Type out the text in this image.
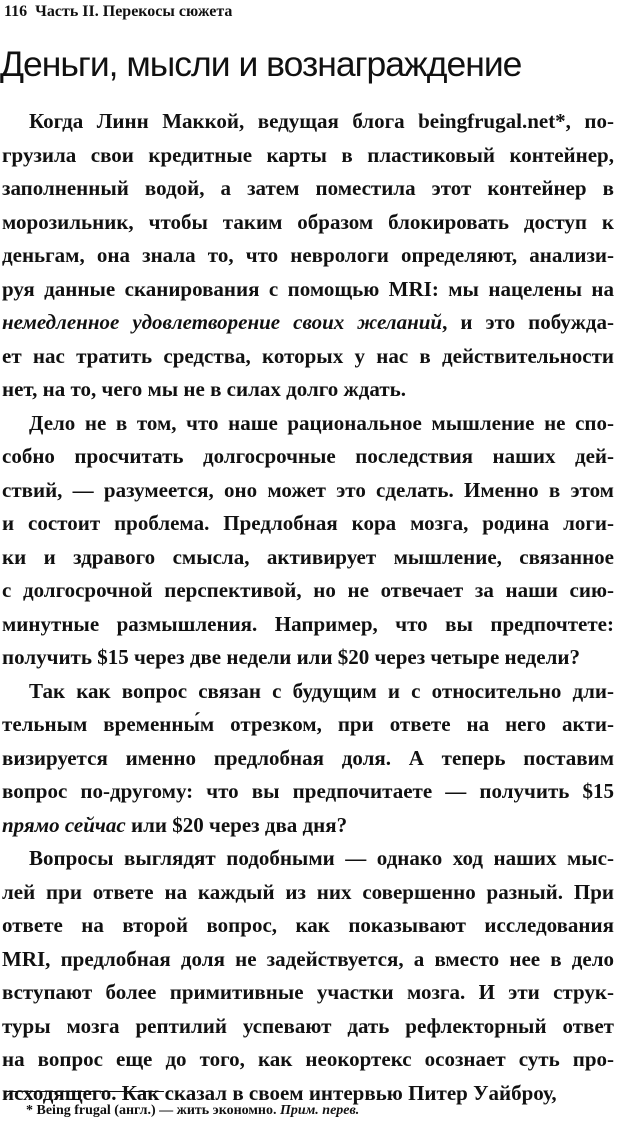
116 Часть II. Перекосы сюжета
Деньги, мысли и вознаграждение
Когда Линн Маккой, ведущая блога beingfrugal.net*, по-
грузила свои кредитные карты в пластиковый контейнер,
заполненный водой, а затем поместила этот контейнер в
морозильник, чтобы таким образом блокировать доступ к
деньгам, она знала то, что неврологи определяют, анализи-
руя данные сканирования с помощью MRI: мы нацелены на
немедленное удовлетворение своих желаний, и это побуждa-
ет нас тратить средства, которых у нас в действительности
нет, на то, чего мы не в силах долго ждать.
Дело не в том, что наше рациональное мышление не спо-
собно просчитать долгосрочные последствия наших дей-
ствий, — разумеется, оно может это сделать. Именно в этом
и состоит проблема. Предлобная кора мозга, родина логи-
ки и здравого смысла, активирует мышление, связанное
с долгосрочной перспективой, но не отвечает за наши сию-
минутные размышления. Например, что вы предпочтете:
получить $15 через две недели или $20 через четыре недели?
Так как вопрос связан с будущим и с относительно дли-
тельным временны́м отрезком, при ответе на него акти-
визируется именно предлобная доля. А теперь поставим
вопрос по-другому: что вы предпочитаете — получить $15
прямо сейчас или $20 через два дня?
Вопросы выглядят подобными — однако ход наших мыс-
лей при ответе на каждый из них совершенно разный. При
ответе на второй вопрос, как показывают исследования
MRI, предлобная доля не задействуется, а вместо нее в дело
вступают более примитивные участки мозга. И эти струк-
туры мозга рептилий успевают дать рефлекторный ответ
на вопрос еще до того, как неокортекс осознает суть про-
исходящего. Как сказал в своем интервью Питер Уайброу,
* Being frugal (англ.) — жить экономно. Прим. перев.
